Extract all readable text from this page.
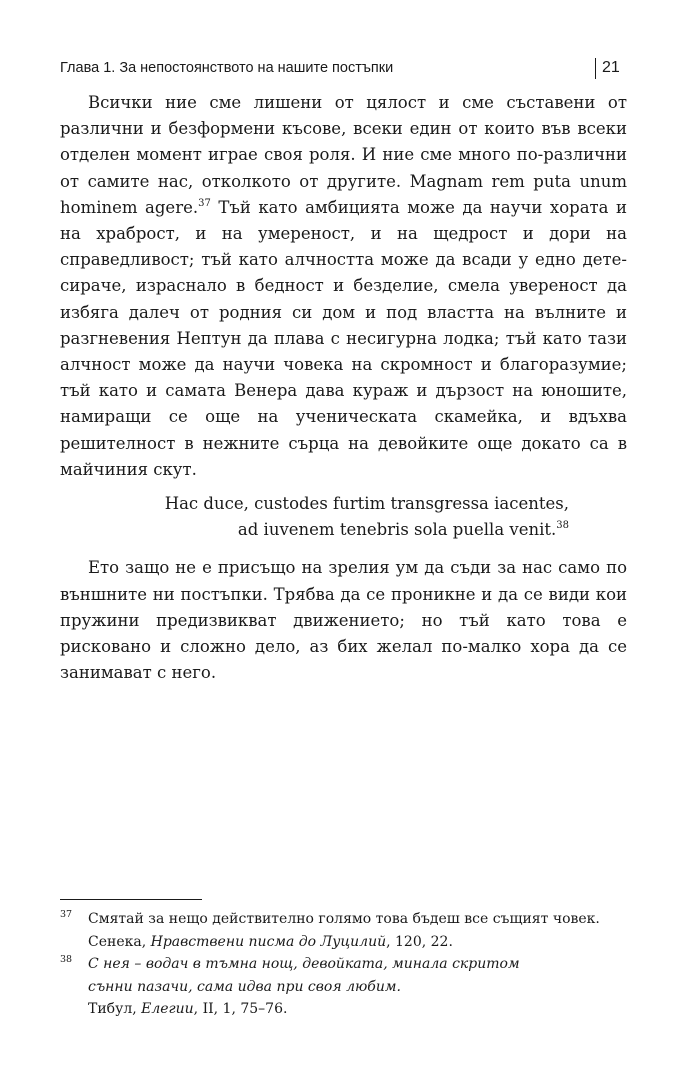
Глава 1. За непостоянството на нашите постъпки	21

Всички ние сме лишени от цялост и сме съставени от различни и безформени късове, всеки един от които във всеки отделен момент играе своя роля. И ние сме много по-различни от самите нас, отколкото от другите. Magnam rem puta unum hominem agere.$^{37}$ Тъй като амбицията може да научи хората и на храброст, и на умереност, и на щедрост и дори на справедливост; тъй като алчността може да всади у едно дете-сираче, израснало в бедност и безделие, смела увереност да избяга далеч от родния си дом и под властта на вълните и разгневения Нептун да плава с несигурна лодка; тъй като тази алчност може да научи човека на скромност и благоразумие; тъй като и самата Венера дава кураж и дързост на юношите, намиращи се още на ученическата скамейка, и вдъхва решителност в нежните сърца на девойките още докато са в майчиния скут.

Hac duce, custodes furtim transgressa iacentes,
ad iuvenem tenebris sola puella venit.$^{38}$

Ето защо не е присъщо на зрелия ум да съди за нас само по външните ни постъпки. Трябва да се проникне и да се види кои пружини предизвикват движението; но тъй като това е рисковано и сложно дело, аз бих желал по-малко хора да се занимават с него.

37 Смятай за нещо действително голямо това бъдеш все същият човек.
Сенека, Нравствени писма до Луцилий, 120, 22.
38 С нея – водач в тъмна нощ, девойката, минала скритом
сънни пазачи, сама идва при своя любим.
Тибул, Елегии, II, 1, 75–76.
